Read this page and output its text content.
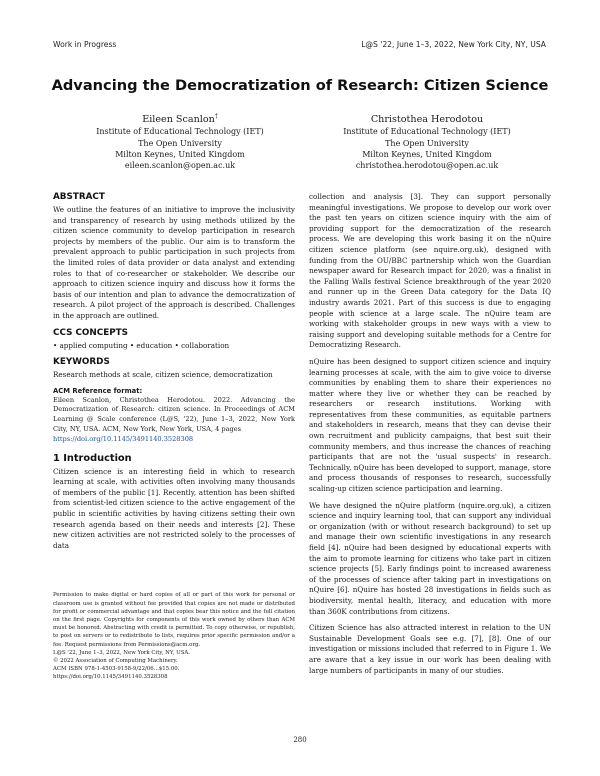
Work in Progress	L@S '22, June 1–3, 2022, New York City, NY, USA
Advancing the Democratization of Research: Citizen Science
Eileen Scanlon†
Institute of Educational Technology (IET)
The Open University
Milton Keynes, United Kingdom
eileen.scanlon@open.ac.uk
Christothea Herodotou
Institute of Educational Technology (IET)
The Open University
Milton Keynes, United Kingdom
christothea.herodotou@open.ac.uk
ABSTRACT

We outline the features of an initiative to improve the inclusivity and transparency of research by using methods utilized by the citizen science community to develop participation in research projects by members of the public. Our aim is to transform the prevalent approach to public participation in such projects from the limited roles of data provider or data analyst and extending roles to that of co-researcher or stakeholder. We describe our approach to citizen science inquiry and discuss how it forms the basis of our intention and plan to advance the democratization of research. A pilot project of the approach is described. Challenges in the approach are outlined.

CCS CONCEPTS

• applied computing • education • collaboration

KEYWORDS

Research methods at scale, citizen science, democratization

ACM Reference format:

Eileen Scanlon, Christothea Herodotou. 2022. Advancing the Democratization of Research: citizen science. In Proceedings of ACM Learning @ Scale conference (L@S, '22), June 1–3, 2022, New York City, NY, USA. ACM, New York, New York, USA, 4 pages

https://doi.org/10.1145/3491140.3528308

1 Introduction

Citizen science is an interesting field in which to research learning at scale, with activities often involving many thousands of members of the public [1]. Recently, attention has been shifted from scientist-led citizen science to the active engagement of the public in scientific activities by having citizens setting their own research agenda based on their needs and interests [2]. These new citizen activities are not restricted solely to the processes of data

Permission to make digital or hard copies of all or part of this work for personal or classroom use is granted without fee provided that copies are not made or distributed for profit or commercial advantage and that copies bear this notice and the full citation on the first page. Copyrights for components of this work owned by others than ACM must be honored. Abstracting with credit is permitted. To copy otherwise, or republish, to post on servers or to redistribute to lists, requires prior specific permission and/or a fee. Request permissions from Permissions@acm.org.

L@S '22, June 1–3, 2022, New York City, NY, USA.

© 2022 Association of Computing Machinery.

ACM ISBN 978-1-4503-9158-9/22/06...$15.00.

https://doi.org/10.1145/3491140.3528308

collection and analysis [3]. They can support personally meaningful investigations. We propose to develop our work over the past ten years on citizen science inquiry with the aim of providing support for the democratization of the research process. We are developing this work basing it on the nQuire citizen science platform (see nquire.org.uk), designed with funding from the OU/BBC partnership which won the Guardian newspaper award for Research impact for 2020, was a finalist in the Falling Walls festival Science breakthrough of the year 2020 and runner up in the Green Data category for the Data IQ industry awards 2021. Part of this success is due to engaging people with science at a large scale. The nQuire team are working with stakeholder groups in new ways with a view to raising support and developing suitable methods for a Centre for Democratizing Research.

nQuire has been designed to support citizen science and inquiry learning processes at scale, with the aim to give voice to diverse communities by enabling them to share their experiences no matter where they live or whether they can be reached by researchers or research institutions. Working with representatives from these communities, as equitable partners and stakeholders in research, means that they can devise their own recruitment and publicity campaigns, that best suit their community members, and thus increase the chances of reaching participants that are not the 'usual suspects' in research. Technically, nQuire has been developed to support, manage, store and process thousands of responses to research, successfully scaling-up citizen science participation and learning.

We have designed the nQuire platform (nquire.org.uk), a citizen science and inquiry learning tool, that can support any individual or organization (with or without research background) to set up and manage their own scientific investigations in any research field [4]. nQuire had been designed by educational experts with the aim to promote learning for citizens who take part in citizen science projects [5]. Early findings point to increased awareness of the processes of science after taking part in investigations on nQuire [6]. nQuire has hosted 28 investigations in fields such as biodiversity, mental health, literacy, and education with more than 360K contributions from citizens.

Citizen Science has also attracted interest in relation to the UN Sustainable Development Goals see e.g. [7], [8]. One of our investigation or missions included that referred to in Figure 1. We are aware that a key issue in our work has been dealing with large numbers of participants in many of our studies.

280
